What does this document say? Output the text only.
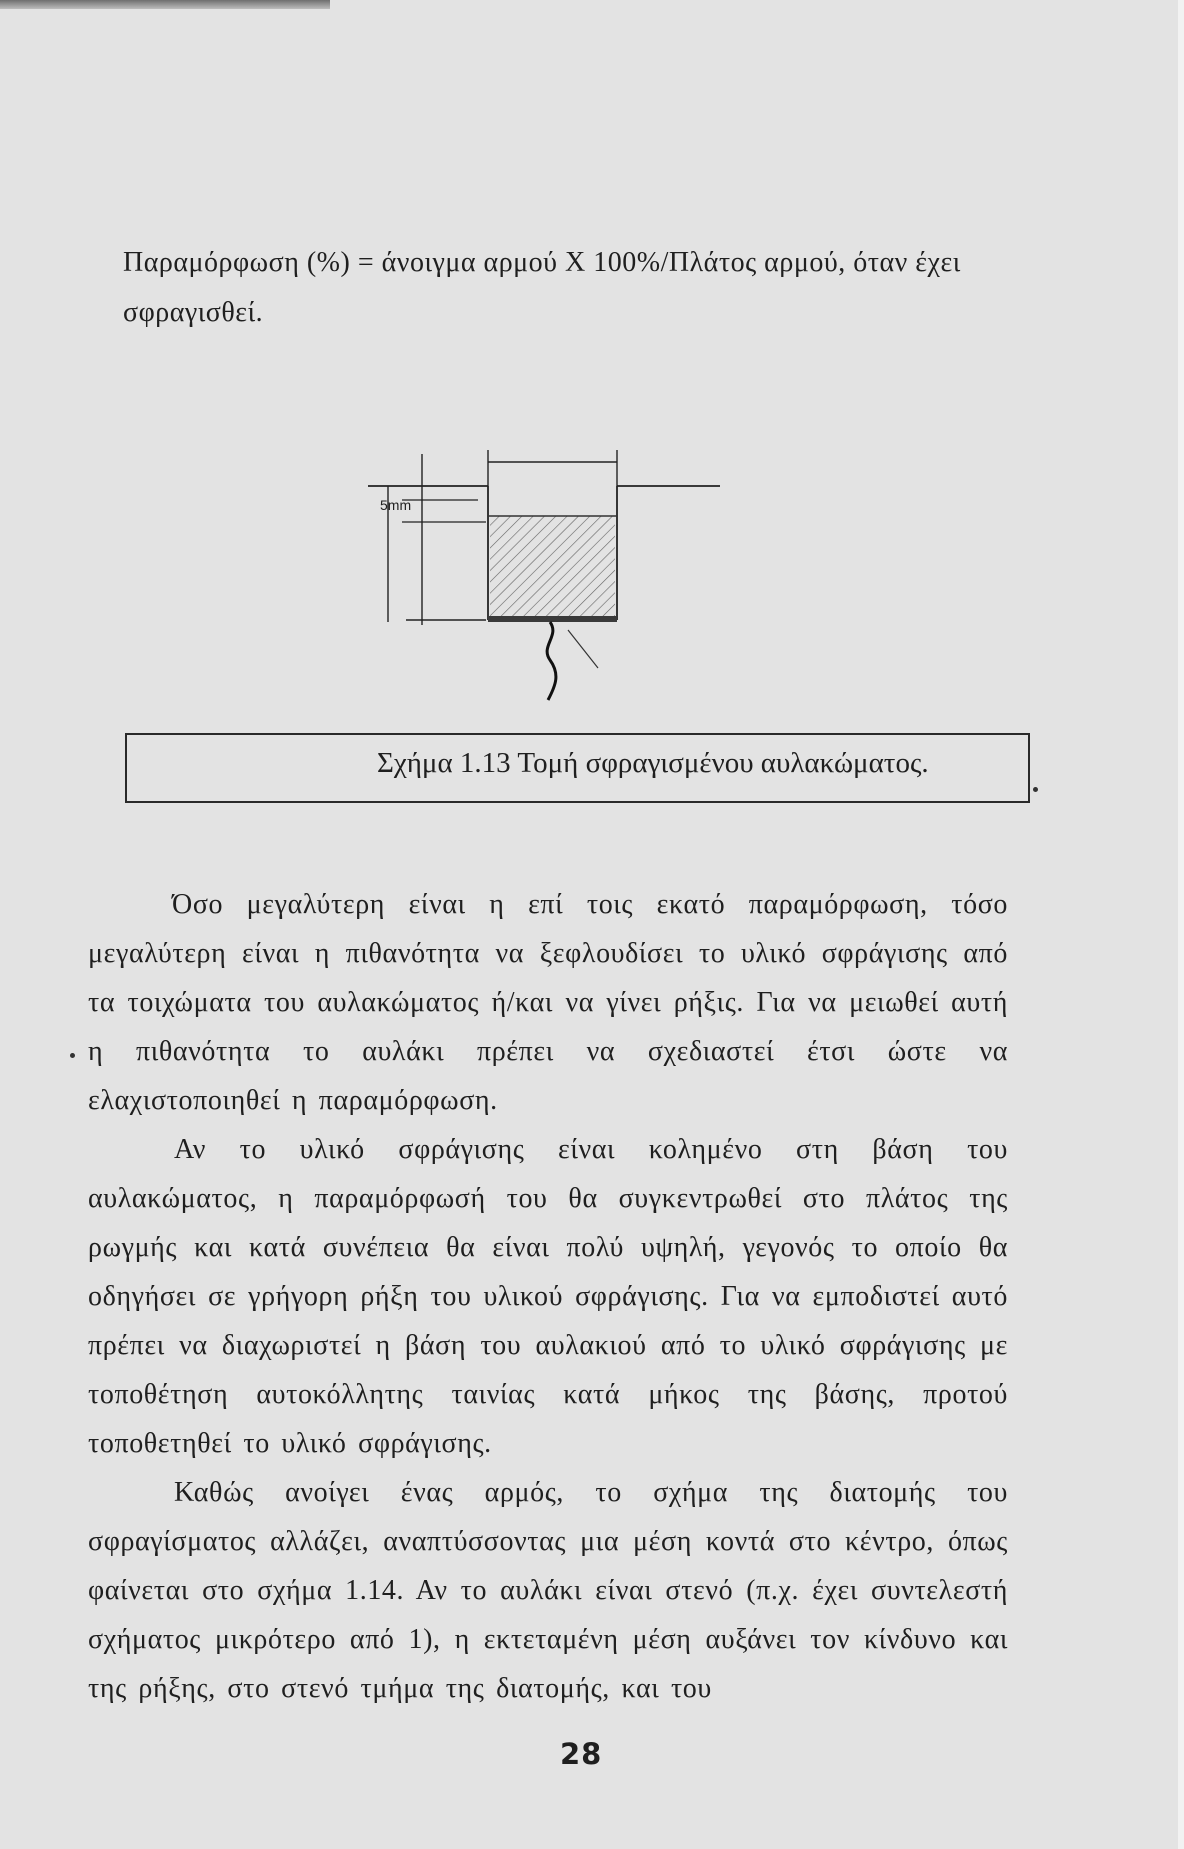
Παραμόρφωση (%) = άνοιγμα αρμού Χ 100%/Πλάτος αρμού, όταν έχει σφραγισθεί.
5mm
Σχήμα 1.13 Τομή σφραγισμένου αυλακώματος.

Όσο μεγαλύτερη είναι η επί τοις εκατό παραμόρφωση, τόσο μεγαλύτερη είναι η πιθανότητα να ξεφλουδίσει το υλικό σφράγισης από τα τοιχώματα του αυλακώματος ή/και να γίνει ρήξις. Για να μειωθεί αυτή η πιθανότητα το αυλάκι πρέπει να σχεδιαστεί έτσι ώστε να ελαχιστοποιηθεί η παραμόρφωση.

Αν το υλικό σφράγισης είναι κολημένο στη βάση του αυλακώματος, η παραμόρφωσή του θα συγκεντρωθεί στο πλάτος της ρωγμής και κατά συνέπεια θα είναι πολύ υψηλή, γεγονός το οποίο θα οδηγήσει σε γρήγορη ρήξη του υλικού σφράγισης. Για να εμποδιστεί αυτό πρέπει να διαχωριστεί η βάση του αυλακιού από το υλικό σφράγισης με τοποθέτηση αυτοκόλλητης ταινίας κατά μήκος της βάσης, προτού τοποθετηθεί το υλικό σφράγισης.

Καθώς ανοίγει ένας αρμός, το σχήμα της διατομής του σφραγίσματος αλλάζει, αναπτύσσοντας μια μέση κοντά στο κέντρο, όπως φαίνεται στο σχήμα 1.14. Αν το αυλάκι είναι στενό (π.χ. έχει συντελεστή σχήματος μικρότερο από 1), η εκτεταμένη μέση αυξάνει τον κίνδυνο και της ρήξης, στο στενό τμήμα της διατομής, και του

28
